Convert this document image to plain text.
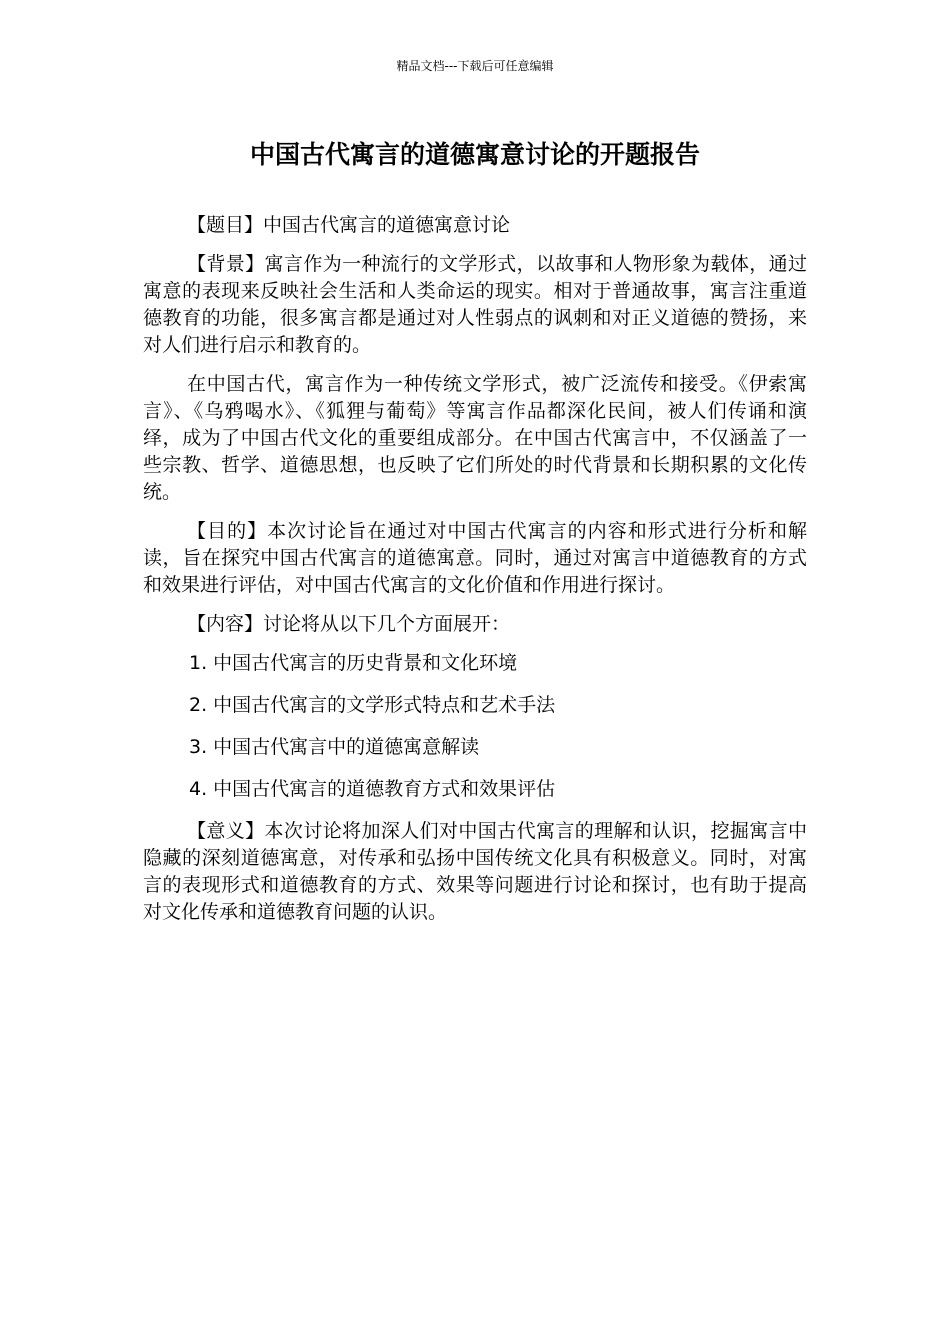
精品文档---下载后可任意编辑
中国古代寓言的道德寓意讨论的开题报告

【题目】中国古代寓言的道德寓意讨论

【背景】寓言作为一种流行的文学形式，以故事和人物形象为载体，通过寓意的表现来反映社会生活和人类命运的现实。相对于普通故事，寓言注重道德教育的功能，很多寓言都是通过对人性弱点的讽刺和对正义道德的赞扬，来对人们进行启示和教育的。

在中国古代，寓言作为一种传统文学形式，被广泛流传和接受。《伊索寓言》、《乌鸦喝水》、《狐狸与葡萄》等寓言作品都深化民间，被人们传诵和演绎，成为了中国古代文化的重要组成部分。在中国古代寓言中，不仅涵盖了一些宗教、哲学、道德思想，也反映了它们所处的时代背景和长期积累的文化传统。

【目的】本次讨论旨在通过对中国古代寓言的内容和形式进行分析和解读，旨在探究中国古代寓言的道德寓意。同时，通过对寓言中道德教育的方式和效果进行评估，对中国古代寓言的文化价值和作用进行探讨。

【内容】讨论将从以下几个方面展开：

1. 中国古代寓言的历史背景和文化环境
2. 中国古代寓言的文学形式特点和艺术手法
3. 中国古代寓言中的道德寓意解读
4. 中国古代寓言的道德教育方式和效果评估

【意义】本次讨论将加深人们对中国古代寓言的理解和认识，挖掘寓言中隐藏的深刻道德寓意，对传承和弘扬中国传统文化具有积极意义。同时，对寓言的表现形式和道德教育的方式、效果等问题进行讨论和探讨，也有助于提高对文化传承和道德教育问题的认识。
